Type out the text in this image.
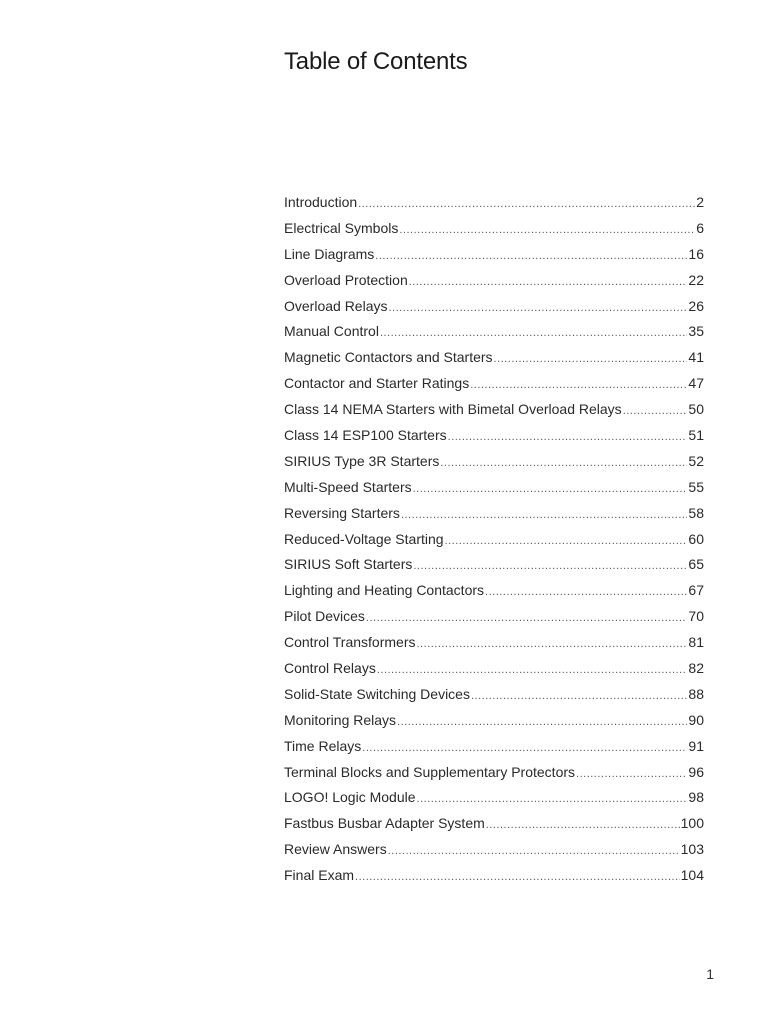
Table of Contents
Introduction .....	2
Electrical Symbols .....	6
Line Diagrams .....	16
Overload Protection .....	22
Overload Relays .....	26
Manual Control .....	35
Magnetic Contactors and Starters .....	41
Contactor and Starter Ratings .....	47
Class 14 NEMA Starters with Bimetal Overload Relays .....	50
Class 14 ESP100 Starters .....	51
SIRIUS Type 3R Starters .....	52
Multi-Speed Starters .....	55
Reversing Starters .....	58
Reduced-Voltage Starting .....	60
SIRIUS Soft Starters .....	65
Lighting and Heating Contactors .....	67
Pilot Devices .....	70
Control Transformers .....	81
Control Relays .....	82
Solid-State Switching Devices .....	88
Monitoring Relays .....	90
Time Relays .....	91
Terminal Blocks and Supplementary Protectors .....	96
LOGO! Logic Module .....	98
Fastbus Busbar Adapter System .....	100
Review Answers .....	103
Final Exam .....	104
1
